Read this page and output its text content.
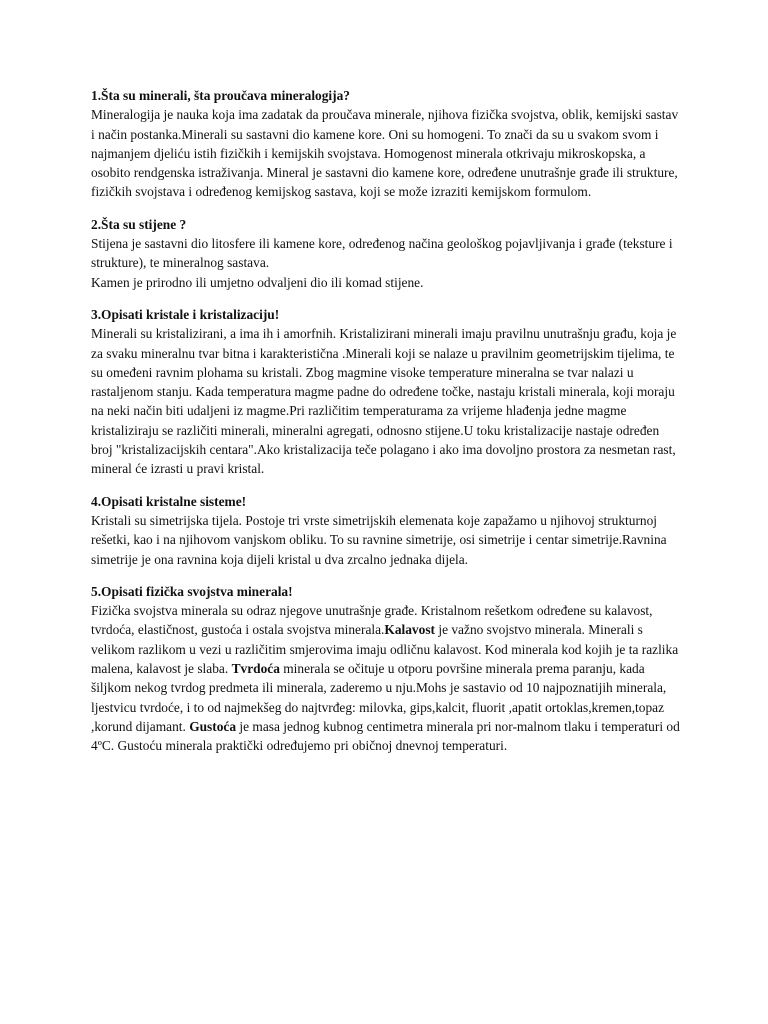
1.Šta su minerali, šta proučava mineralogija?

Mineralogija je nauka koja ima zadatak da proučava minerale, njihova fizička svojstva, oblik, kemijski sastav i način postanka.Minerali su sastavni dio kamene kore. Oni su homogeni. To znači da su u svakom svom i najmanjem djeliću istih fizičkih i kemijskih svojstava. Homogenost minerala otkrivaju mikroskopska, a osobito rendgenska istraživanja. Mineral je sastavni dio kamene kore, određene unutrašnje građe ili strukture, fizičkih svojstava i određenog kemijskog sastava, koji se može izraziti kemijskom formulom.

2.Šta su stijene ?

Stijena je sastavni dio litosfere ili kamene kore, određenog načina geološkog pojavljivanja i građe (teksture i strukture), te mineralnog sastava.

Kamen je prirodno ili umjetno odvaljeni dio ili komad stijene.

3.Opisati kristale i kristalizaciju!

Minerali su kristalizirani, a ima ih i amorfnih. Kristalizirani minerali imaju pravilnu unutrašnju građu, koja je za svaku mineralnu tvar bitna i karakteristična .Minerali koji se nalaze u pravilnim geometrijskim tijelima, te su omeđeni ravnim plohama su kristali. Zbog magmine visoke temperature mineralna se tvar nalazi u rastaljenom stanju. Kada temperatura magme padne do određene točke, nastaju kristali minerala, koji moraju na neki način biti udaljeni iz magme.Pri različitim temperaturama za vrijeme hlađenja jedne magme kristaliziraju se različiti minerali, mineralni agregati, odnosno stijene.U toku kristalizacije nastaje određen broj "kristalizacijskih centara".Ako kristalizacija teče polagano i ako ima dovoljno prostora za nesmetan rast, mineral će izrasti u pravi kristal.

4.Opisati kristalne sisteme!

Kristali su simetrijska tijela. Postoje tri vrste simetrijskih elemenata koje zapažamo u njihovoj strukturnoj rešetki, kao i na njihovom vanjskom obliku. To su ravnine simetrije, osi simetrije i centar simetrije.Ravnina simetrije je ona ravnina koja dijeli kristal u dva zrcalno jednaka dijela.

5.Opisati fizička svojstva minerala!

Fizička svojstva minerala su odraz njegove unutrašnje građe. Kristalnom rešetkom određene su kalavost, tvrdoća, elastičnost, gustoća i ostala svojstva minerala.Kalavost je važno svojstvo minerala. Minerali s velikom razlikom u vezi u različitim smjerovima imaju odličnu kalavost. Kod minerala kod kojih je ta razlika malena, kalavost je slaba. Tvrdoća minerala se očituje u otporu površine minerala prema paranju, kada šiljkom nekog tvrdog predmeta ili minerala, zaderemo u nju.Mohs je sastavio od 10 najpoznatijih minerala, ljestvicu tvrdoće, i to od najmekšeg do najtvrđeg: milovka, gips,kalcit, fluorit ,apatit ortoklas,kremen,topaz ,korund dijamant. Gustoća je masa jednog kubnog centimetra minerala pri nor-malnom tlaku i temperaturi od 4ºC. Gustoću minerala praktički određujemo pri običnoj dnevnoj temperaturi.
